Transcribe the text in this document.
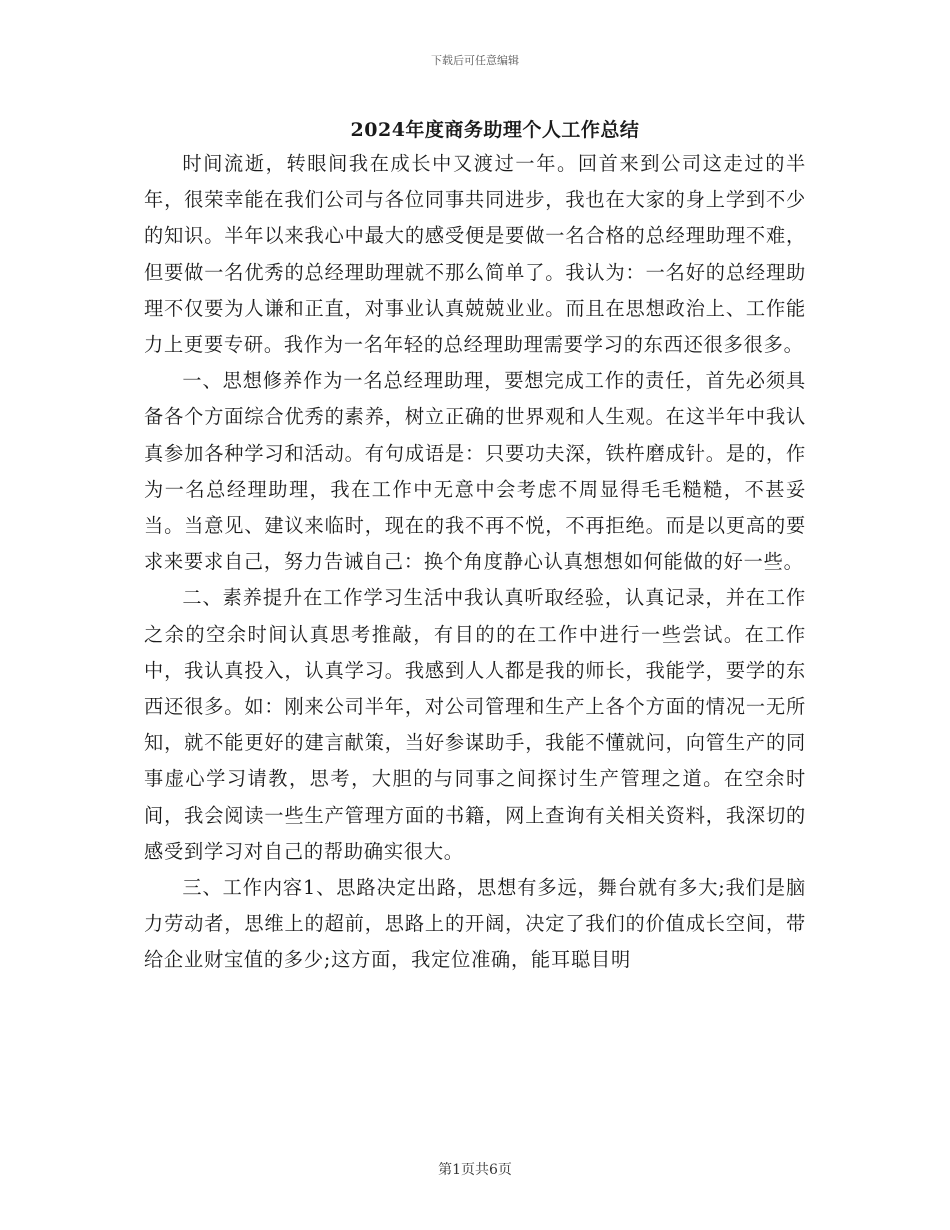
下载后可任意编辑
2024年度商务助理个人工作总结

时间流逝，转眼间我在成长中又渡过一年。回首来到公司这走过的半年，很荣幸能在我们公司与各位同事共同进步，我也在大家的身上学到不少的知识。半年以来我心中最大的感受便是要做一名合格的总经理助理不难，但要做一名优秀的总经理助理就不那么简单了。我认为：一名好的总经理助理不仅要为人谦和正直，对事业认真兢兢业业。而且在思想政治上、工作能力上更要专研。我作为一名年轻的总经理助理需要学习的东西还很多很多。

一、思想修养作为一名总经理助理，要想完成工作的责任，首先必须具备各个方面综合优秀的素养，树立正确的世界观和人生观。在这半年中我认真参加各种学习和活动。有句成语是：只要功夫深，铁杵磨成针。是的，作为一名总经理助理，我在工作中无意中会考虑不周显得毛毛糙糙，不甚妥当。当意见、建议来临时，现在的我不再不悦，不再拒绝。而是以更高的要求来要求自己，努力告诫自己：换个角度静心认真想想如何能做的好一些。

二、素养提升在工作学习生活中我认真听取经验，认真记录，并在工作之余的空余时间认真思考推敲，有目的的在工作中进行一些尝试。在工作中，我认真投入，认真学习。我感到人人都是我的师长，我能学，要学的东西还很多。如：刚来公司半年，对公司管理和生产上各个方面的情况一无所知，就不能更好的建言献策，当好参谋助手，我能不懂就问，向管生产的同事虚心学习请教，思考，大胆的与同事之间探讨生产管理之道。在空余时间，我会阅读一些生产管理方面的书籍，网上查询有关相关资料，我深切的感受到学习对自己的帮助确实很大。

三、工作内容1、思路决定出路，思想有多远，舞台就有多大;我们是脑力劳动者，思维上的超前，思路上的开阔，决定了我们的价值成长空间，带给企业财宝值的多少;这方面，我定位准确，能耳聪目明

第1页共6页
